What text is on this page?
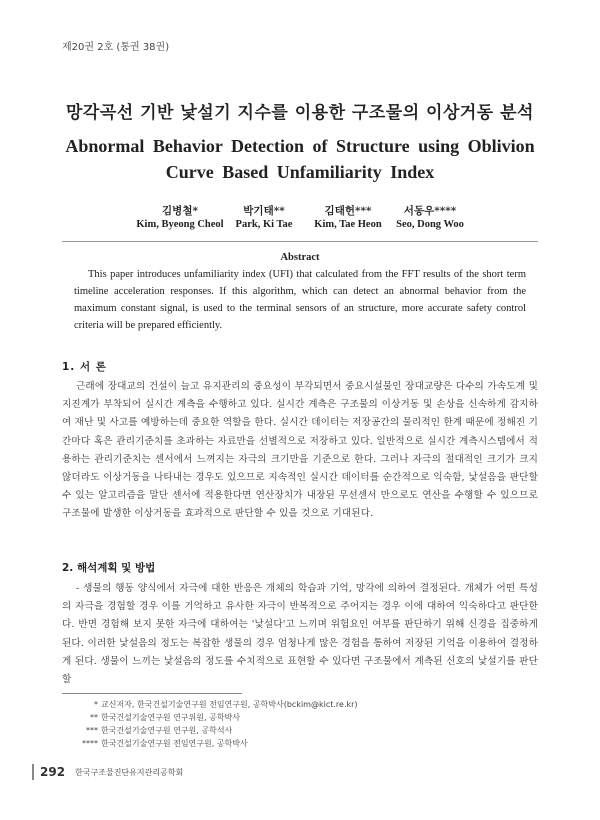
제20권 2호 (통권 38권)
망각곡선 기반 낯설기 지수를 이용한 구조물의 이상거동 분석
Abnormal Behavior Detection of Structure using Oblivion Curve Based Unfamiliarity Index
김병철*
Kim, Byeong Cheol
박기태**
Park, Ki Tae
김태헌***
Kim, Tae Heon
서동우****
Seo, Dong Woo
Abstract

This paper introduces unfamiliarity index (UFI) that calculated from the FFT results of the short term timeline acceleration responses. If this algorithm, which can detect an abnormal behavior from the maximum constant signal, is used to the terminal sensors of an structure, more accurate safety control criteria will be prepared efficiently.

1. 서 론

근래에 장대교의 건설이 늘고 유지관리의 중요성이 부각되면서 중요시설물인 장대교량은 다수의 가속도계 및 지진계가 부착되어 실시간 계측을 수행하고 있다. 실시간 계측은 구조물의 이상거동 및 손상을 신속하게 감지하여 재난 및 사고를 예방하는데 중요한 역할을 한다. 실시간 데이터는 저장공간의 물리적인 한계 때문에 정해진 기간마다 혹은 관리기준치를 초과하는 자료만을 선별적으로 저장하고 있다. 일반적으로 실시간 계측시스템에서 적용하는 관리기준치는 센서에서 느껴지는 자극의 크기만을 기준으로 한다. 그러나 자극의 절대적인 크기가 크지 않더라도 이상거동을 나타내는 경우도 있으므로 지속적인 실시간 데이터를 순간적으로 익숙함, 낯설음을 판단할 수 있는 알고리즘을 말단 센서에 적용한다면 연산장치가 내장된 무선센서 만으로도 연산을 수행할 수 있으므로 구조물에 발생한 이상거동을 효과적으로 판단할 수 있을 것으로 기대된다.

2. 해석계획 및 방법

- 생물의 행동 양식에서 자극에 대한 반응은 개체의 학습과 기억, 망각에 의하여 결정된다. 개체가 어떤 특성의 자극을 경험할 경우 이를 기억하고 유사한 자극이 반복적으로 주어지는 경우 이에 대하여 익숙하다고 판단한다. 반면 경험해 보지 못한 자극에 대하여는 '낯설다'고 느끼며 위험요인 여부를 판단하기 위해 신경을 집중하게 된다. 이러한 낯설음의 정도는 복잡한 생물의 경우 엄청나게 많은 경험을 통하여 저장된 기억을 이용하여 결정하게 된다. 생물이 느끼는 낯설음의 정도를 수치적으로 표현할 수 있다면 구조물에서 계측된 신호의 낯설기를 판단할

* 교신저자, 한국건설기술연구원 전임연구원, 공학박사(bckim@kict.re.kr)
** 한국건설기술연구원 연구위원, 공학박사
*** 한국건설기술연구원 연구원, 공학석사
**** 한국건설기술연구원 전임연구원, 공학박사
292 한국구조물진단유지관리공학회
